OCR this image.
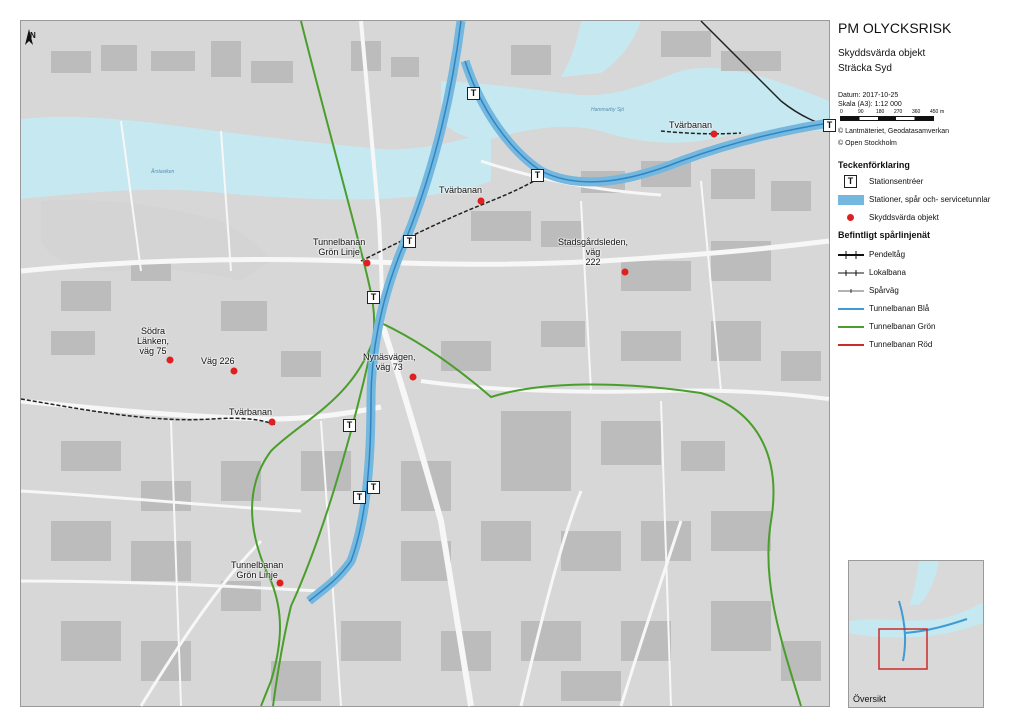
N
T
T
T
T
T
T
T
T
Tvärbanan
Tvärbanan
Tunnelbanan
Grön Linje
Stadsgårdsleden,
väg
222
Södra
Länken,
väg 75
Väg 226	Nynäsvägen,
väg 73
Tvärbanan
Tunnelbanan
Grön Linje
Årstaviken
Hammarby Sjö
PM OLYCKSRISK
Skyddsvärda objekt
Sträcka Syd
Datum: 2017-10-25
Skala (A3): 1:12 000
0	90 180 270 360 450 m
© Lantmäteriet, Geodatasamverkan
© Open Stockholm
Teckenförklaring
T	Stationsentréer
Stationer, spår och- servicetunnlar
Skyddsvärda objekt
Befintligt spårlinjenät
Pendeltåg
Lokalbana
Spårväg
Tunnelbanan Blå
Tunnelbanan Grön
Tunnelbanan Röd
Översikt
